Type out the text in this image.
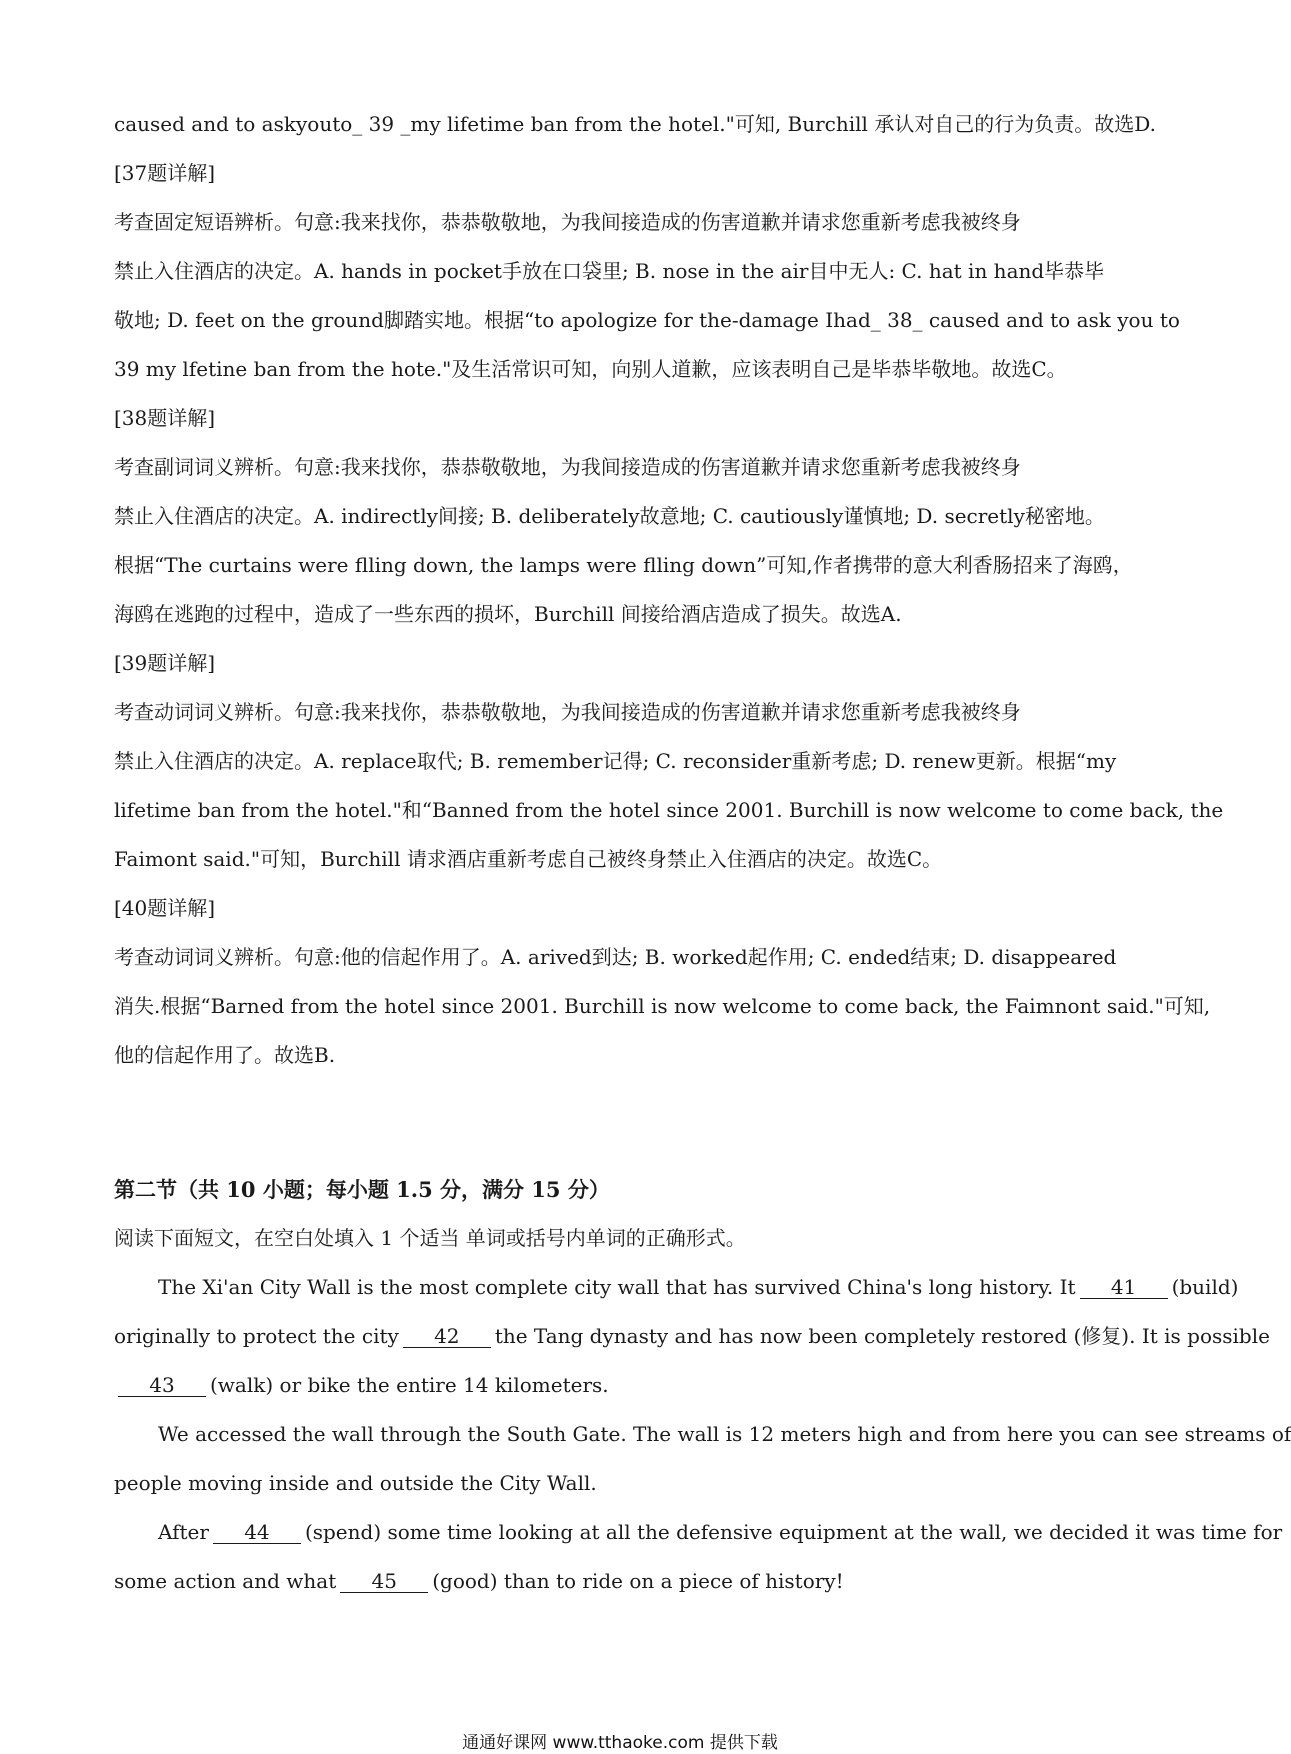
caused and to askyouto_ 39 _my lifetime ban from the hotel."可知, Burchill 承认对自己的行为负责。故选D.
[37题详解]
考查固定短语辨析。句意:我来找你，恭恭敬敬地，为我间接造成的伤害道歉并请求您重新考虑我被终身
禁止入住酒店的决定。A. hands in pocket手放在口袋里; B. nose in the air目中无人: C. hat in hand毕恭毕
敬地; D. feet on the ground脚踏实地。根据“to apologize for the-damage Ihad_ 38_ caused and to ask you to
39 my lfetine ban from the hote."及生活常识可知，向别人道歉，应该表明自己是毕恭毕敬地。故选C。
[38题详解]
考查副词词义辨析。句意:我来找你，恭恭敬敬地，为我间接造成的伤害道歉并请求您重新考虑我被终身
禁止入住酒店的决定。A. indirectly间接; B. deliberately故意地; C. cautiously谨慎地; D. secretly秘密地。
根据“The curtains were flling down, the lamps were flling down”可知,作者携带的意大利香肠招来了海鸥，
海鸥在逃跑的过程中，造成了一些东西的损坏，Burchill 间接给酒店造成了损失。故选A.
[39题详解]
考查动词词义辨析。句意:我来找你，恭恭敬敬地，为我间接造成的伤害道歉并请求您重新考虑我被终身
禁止入住酒店的决定。A. replace取代; B. remember记得; C. reconsider重新考虑; D. renew更新。根据“my
lifetime ban from the hotel."和“Banned from the hotel since 2001. Burchill is now welcome to come back, the
Faimont said."可知，Burchill 请求酒店重新考虑自己被终身禁止入住酒店的决定。故选C。
[40题详解]
考查动词词义辨析。句意:他的信起作用了。A. arived到达; B. worked起作用; C. ended结束; D. disappeared
消失.根据“Barned from the hotel since 2001. Burchill is now welcome to come back, the Faimnont said."可知,
他的信起作用了。故选B.
第二节（共 10 小题；每小题 1.5 分，满分 15 分）
阅读下面短文，在空白处填入 1 个适当 单词或括号内单词的正确形式。
The Xi'an City Wall is the most complete city wall that has survived China's long history. It 41 (build)
originally to protect the city 42 the Tang dynasty and has now been completely restored (修复). It is possible
43 (walk) or bike the entire 14 kilometers.
We accessed the wall through the South Gate. The wall is 12 meters high and from here you can see streams of
people moving inside and outside the City Wall.
After 44 (spend) some time looking at all the defensive equipment at the wall, we decided it was time for
some action and what 45 (good) than to ride on a piece of history!
通通好课网 www.tthaoke.com 提供下载
